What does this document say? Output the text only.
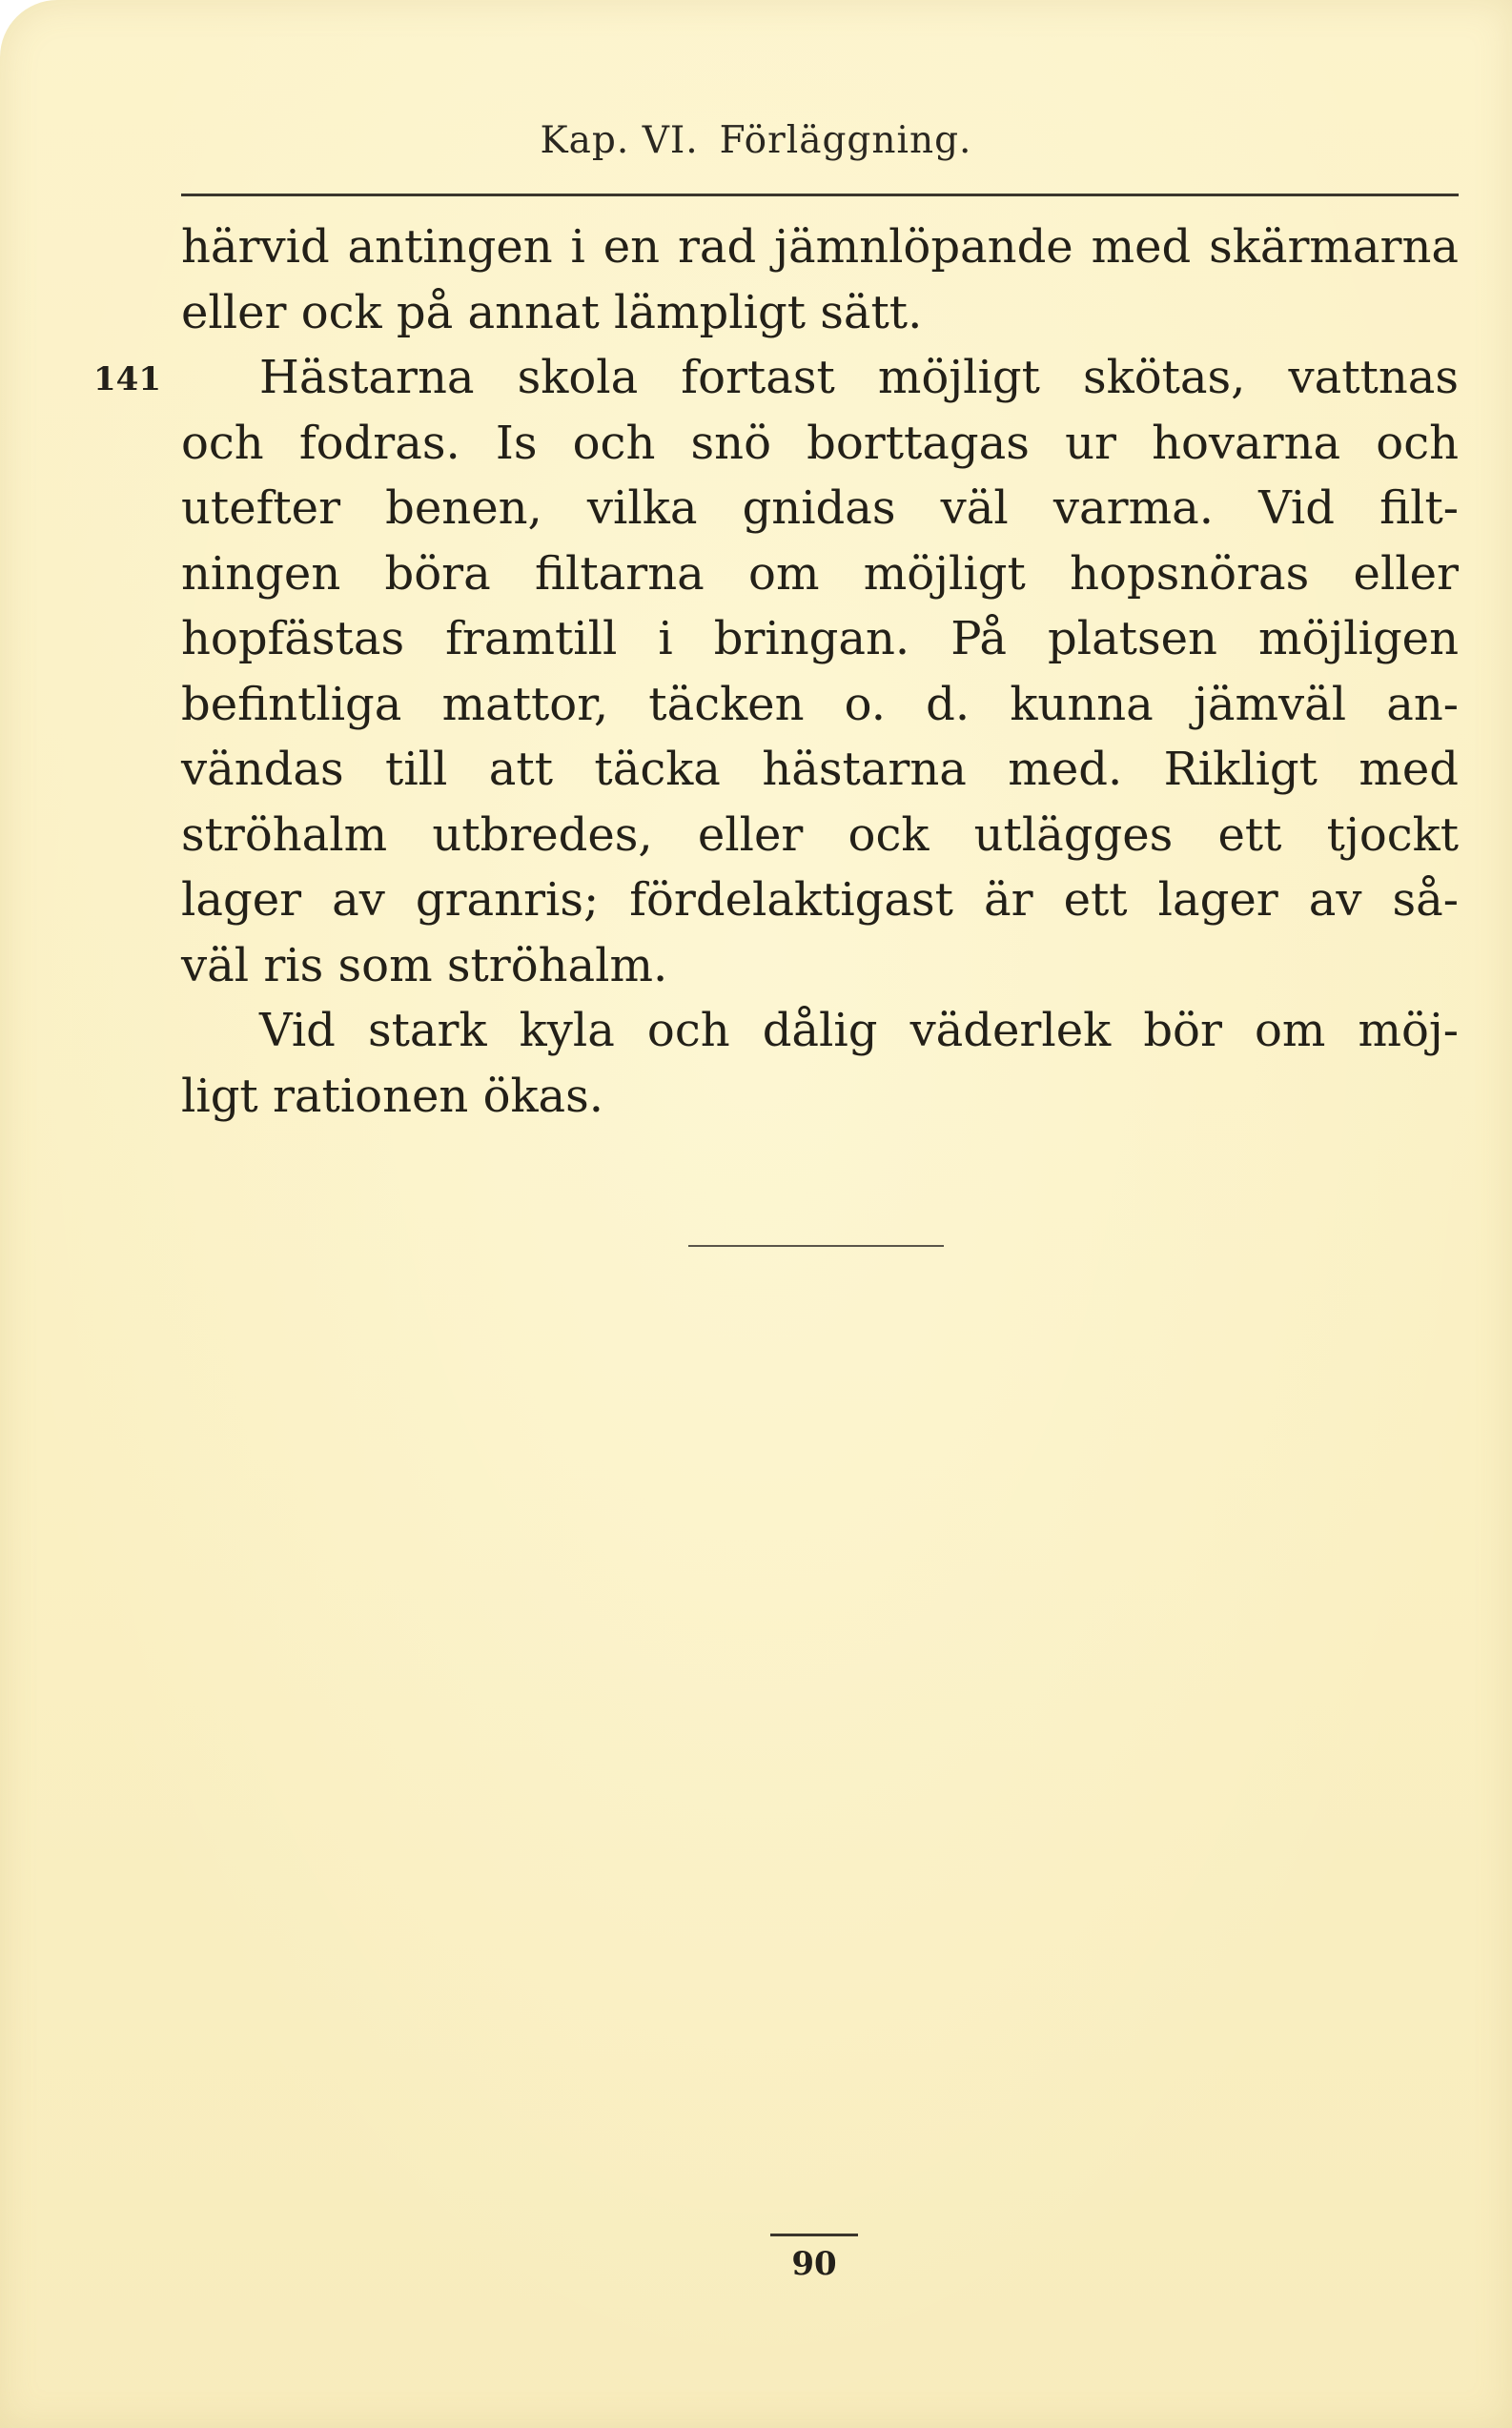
Kap. VI. Förläggning.
141
härvid antingen i en rad jämnlöpande med skärmarna
eller ock på annat lämpligt sätt.
Hästarna skola fortast möjligt skötas, vattnas
och fodras. Is och snö borttagas ur hovarna och
utefter benen, vilka gnidas väl varma. Vid filt-
ningen böra filtarna om möjligt hopsnöras eller
hopfästas framtill i bringan. På platsen möjligen
befintliga mattor, täcken o. d. kunna jämväl an-
vändas till att täcka hästarna med. Rikligt med
ströhalm utbredes, eller ock utlägges ett tjockt
lager av granris; fördelaktigast är ett lager av så-
väl ris som ströhalm.
Vid stark kyla och dålig väderlek bör om möj-
ligt rationen ökas.
90
